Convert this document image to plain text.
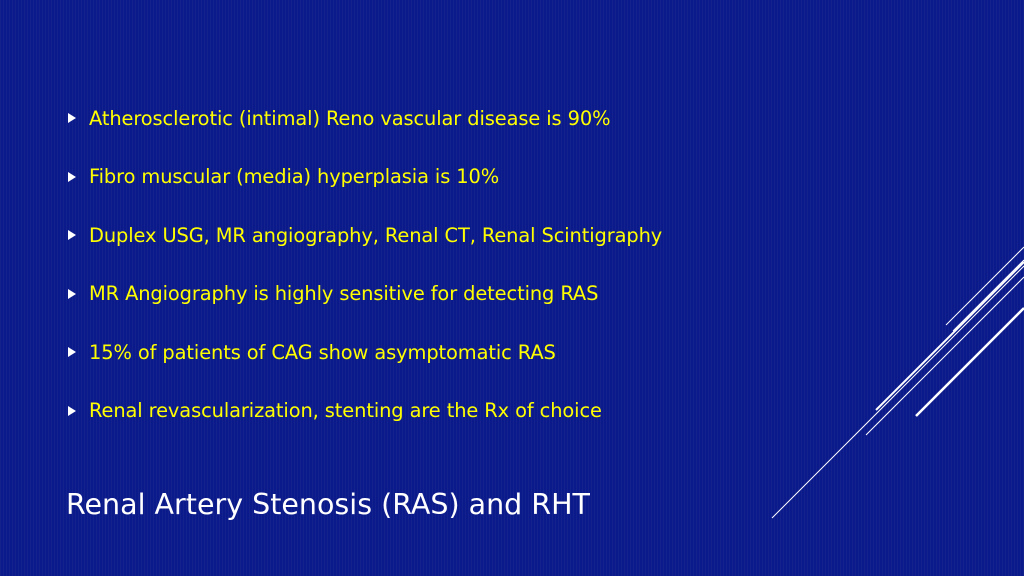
Atherosclerotic (intimal) Reno vascular disease is 90%
Fibro muscular (media) hyperplasia is 10%
Duplex USG, MR angiography, Renal CT, Renal Scintigraphy
MR Angiography is highly sensitive for detecting RAS
15% of patients of CAG show asymptomatic RAS
Renal revascularization, stenting are the Rx of choice
Renal Artery Stenosis (RAS) and RHT
